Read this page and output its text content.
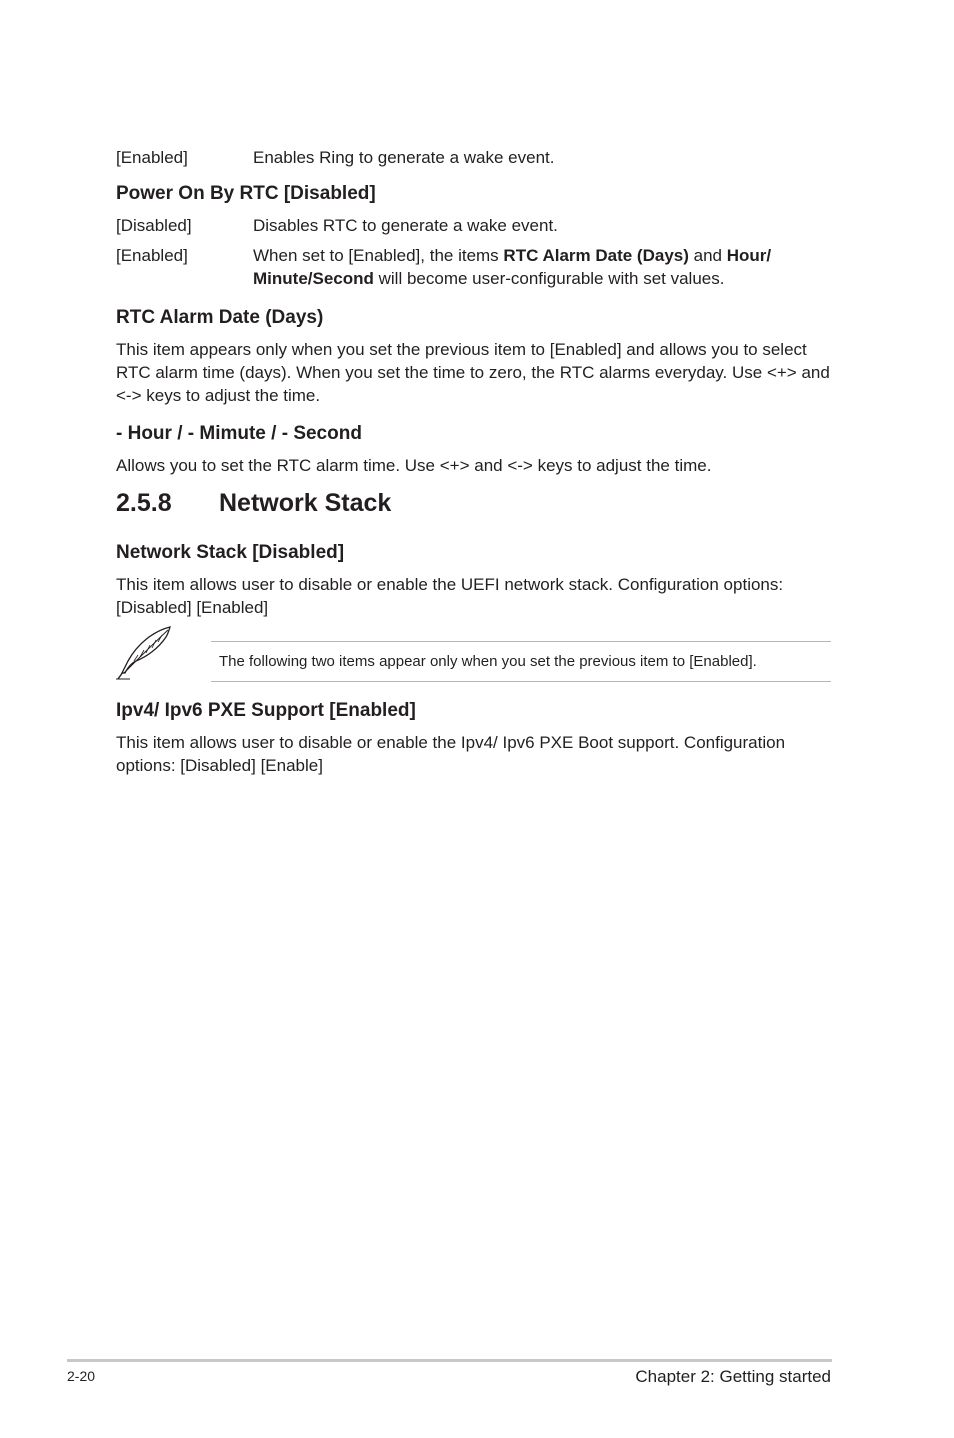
[Enabled]	Enables Ring to generate a wake event.
Power On By RTC [Disabled]
[Disabled]	Disables RTC to generate a wake event.
[Enabled]	When set to [Enabled], the items RTC Alarm Date (Days) and Hour/ Minute/Second will become user-configurable with set values.
RTC Alarm Date (Days)
This item appears only when you set the previous item to [Enabled] and allows you to select RTC alarm time (days). When you set the time to zero, the RTC alarms everyday. Use <+> and <-> keys to adjust the time.
- Hour / - Mimute / - Second
Allows you to set the RTC alarm time. Use <+> and <-> keys to adjust the time.
2.5.8 Network Stack
Network Stack [Disabled]
This item allows user to disable or enable the UEFI network stack. Configuration options: [Disabled] [Enabled]
The following two items appear only when you set the previous item to [Enabled].
Ipv4/ Ipv6 PXE Support [Enabled]
This item allows user to disable or enable the Ipv4/ Ipv6 PXE Boot support. Configuration options: [Disabled] [Enable]
2-20	Chapter 2: Getting started
